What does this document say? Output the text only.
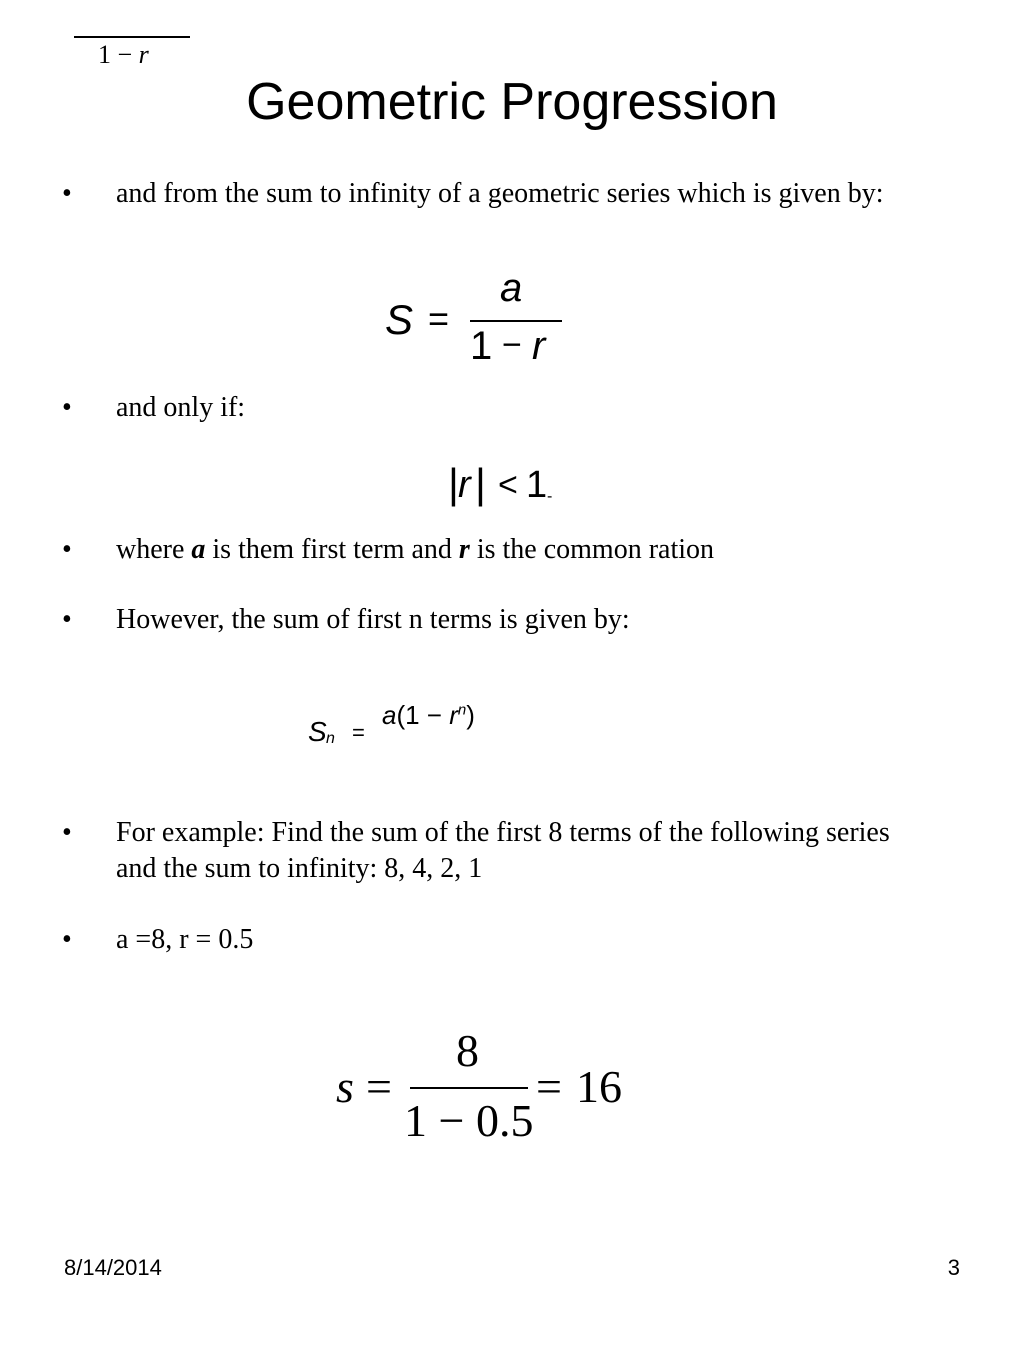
Geometric Progression
•	and from the sum to infinity of a geometric series which is given by:
S =
a
1 − r
•	and only if:
| r | < 1 -
•	where a is them first term and r is the common ration
•	However, the sum of first n terms is given by:
S n =
$a(1 - r^n)$
1 − r
•	For example: Find the sum of the first 8 terms of the following series
and the sum to infinity: 8, 4, 2, 1
•	a =8, r = 0.5
s =
8
1 − 0.5
= 16
8/14/2014	3
